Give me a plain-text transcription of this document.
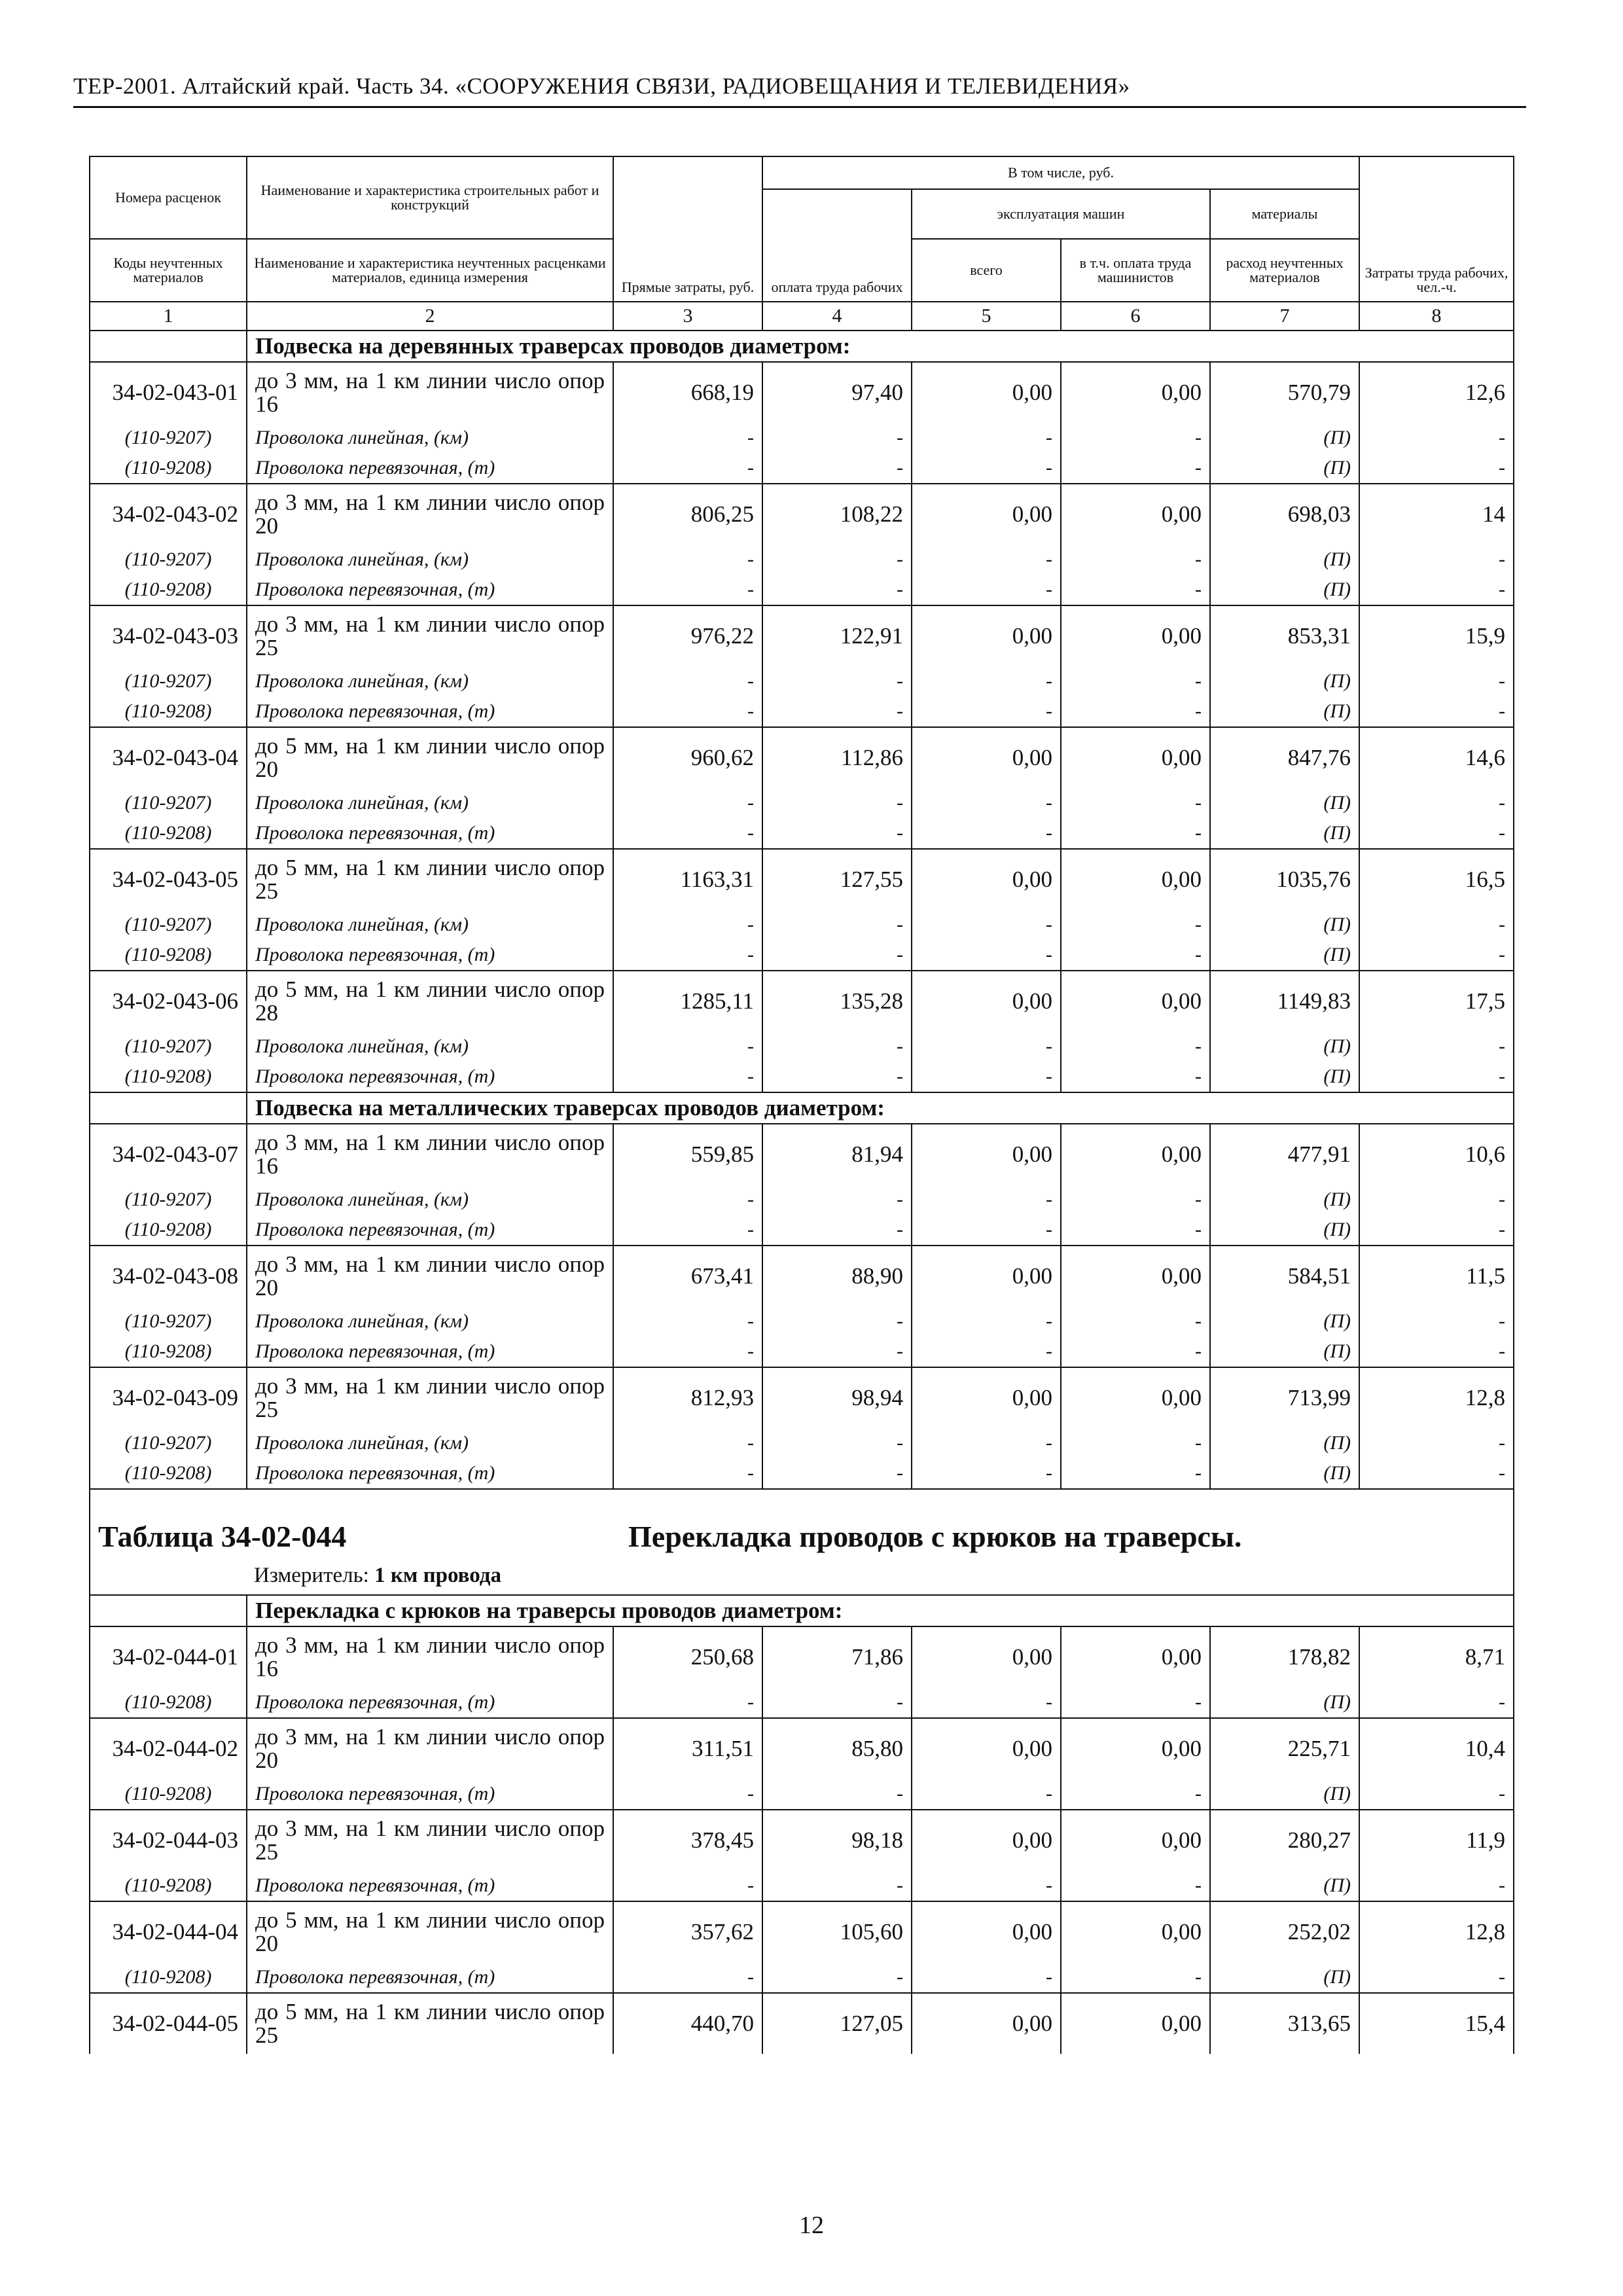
ТЕР-2001. Алтайский край. Часть 34. «СООРУЖЕНИЯ СВЯЗИ, РАДИОВЕЩАНИЯ И ТЕЛЕВИДЕНИЯ»
Номера расценок	Наименование и характеристика строительных работ и конструкций	Прямые затраты, руб.	В том числе, руб.				Затраты труда рабочих, чел.-ч.
			оплата труда рабочих	эксплуатация машин		материалы	
Коды неучтенных материалов	Наименование и характеристика неучтенных расценками материалов, единица измерения			всего	в т.ч. оплата труда машинистов	расход неучтенных материалов	
1	2	3	4	5	6	7	8
	Подвеска на деревянных траверсах проводов диаметром:						
34-02-043-01	до 3 мм, на 1 км линии число опор 16	668,19	97,40	0,00	0,00	570,79	12,6
(110-9207)	Проволока линейная, (км)	-	-	-	-	(П)	-
(110-9208)	Проволока перевязочная, (т)	-	-	-	-	(П)	-
34-02-043-02	до 3 мм, на 1 км линии число опор 20	806,25	108,22	0,00	0,00	698,03	14
(110-9207)	Проволока линейная, (км)	-	-	-	-	(П)	-
(110-9208)	Проволока перевязочная, (т)	-	-	-	-	(П)	-
34-02-043-03	до 3 мм, на 1 км линии число опор 25	976,22	122,91	0,00	0,00	853,31	15,9
(110-9207)	Проволока линейная, (км)	-	-	-	-	(П)	-
(110-9208)	Проволока перевязочная, (т)	-	-	-	-	(П)	-
34-02-043-04	до 5 мм, на 1 км линии число опор 20	960,62	112,86	0,00	0,00	847,76	14,6
(110-9207)	Проволока линейная, (км)	-	-	-	-	(П)	-
(110-9208)	Проволока перевязочная, (т)	-	-	-	-	(П)	-
34-02-043-05	до 5 мм, на 1 км линии число опор 25	1163,31	127,55	0,00	0,00	1035,76	16,5
(110-9207)	Проволока линейная, (км)	-	-	-	-	(П)	-
(110-9208)	Проволока перевязочная, (т)	-	-	-	-	(П)	-
34-02-043-06	до 5 мм, на 1 км линии число опор 28	1285,11	135,28	0,00	0,00	1149,83	17,5
(110-9207)	Проволока линейная, (км)	-	-	-	-	(П)	-
(110-9208)	Проволока перевязочная, (т)	-	-	-	-	(П)	-
	Подвеска на металлических траверсах проводов диаметром:						
34-02-043-07	до 3 мм, на 1 км линии число опор 16	559,85	81,94	0,00	0,00	477,91	10,6
(110-9207)	Проволока линейная, (км)	-	-	-	-	(П)	-
(110-9208)	Проволока перевязочная, (т)	-	-	-	-	(П)	-
34-02-043-08	до 3 мм, на 1 км линии число опор 20	673,41	88,90	0,00	0,00	584,51	11,5
(110-9207)	Проволока линейная, (км)	-	-	-	-	(П)	-
(110-9208)	Проволока перевязочная, (т)	-	-	-	-	(П)	-
34-02-043-09	до 3 мм, на 1 км линии число опор 25	812,93	98,94	0,00	0,00	713,99	12,8
(110-9207)	Проволока линейная, (км)	-	-	-	-	(П)	-
(110-9208)	Проволока перевязочная, (т)	-	-	-	-	(П)	-

Таблица 34-02-044 Перекладка проводов с крюков на траверсы.
Измеритель: 1 км провода							

	Перекладка с крюков на траверсы проводов диаметром:						
34-02-044-01	до 3 мм, на 1 км линии число опор 16	250,68	71,86	0,00	0,00	178,82	8,71
(110-9208)	Проволока перевязочная, (т)	-	-	-	-	(П)	-
34-02-044-02	до 3 мм, на 1 км линии число опор 20	311,51	85,80	0,00	0,00	225,71	10,4
(110-9208)	Проволока перевязочная, (т)	-	-	-	-	(П)	-
34-02-044-03	до 3 мм, на 1 км линии число опор 25	378,45	98,18	0,00	0,00	280,27	11,9
(110-9208)	Проволока перевязочная, (т)	-	-	-	-	(П)	-
34-02-044-04	до 5 мм, на 1 км линии число опор 20	357,62	105,60	0,00	0,00	252,02	12,8
(110-9208)	Проволока перевязочная, (т)	-	-	-	-	(П)	-
34-02-044-05	до 5 мм, на 1 км линии число опор 25	440,70	127,05	0,00	0,00	313,65	15,4
12
